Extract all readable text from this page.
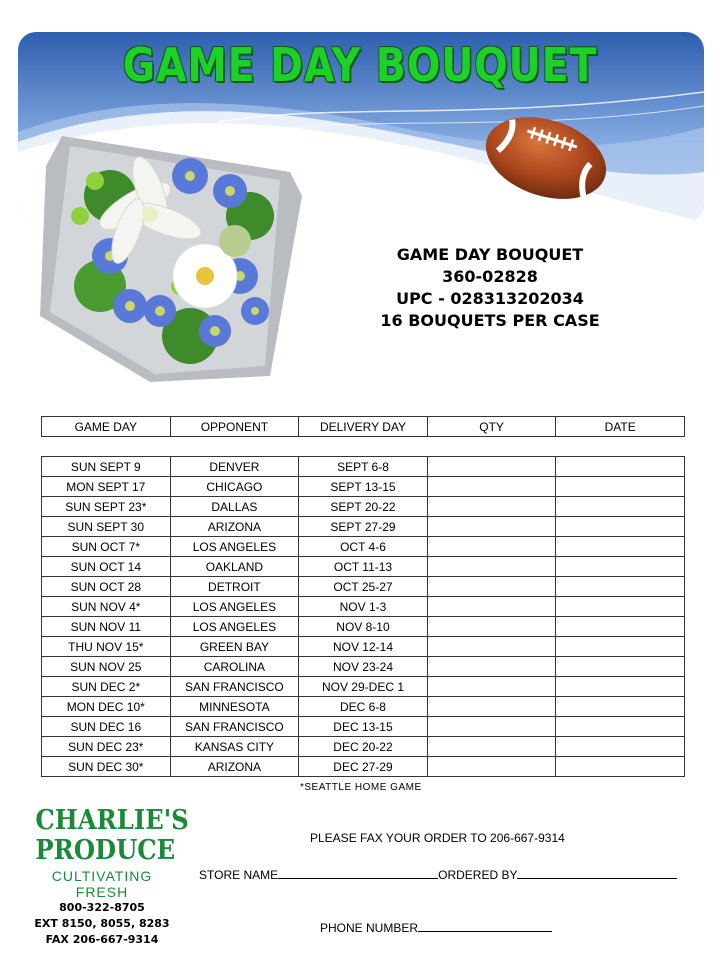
GAME DAY BOUQUET
GAME DAY BOUQUET
360-02828
UPC - 028313202034
16 BOUQUETS PER CASE
GAME DAY	OPPONENT	DELIVERY DAY	QTY	DATE
SUN SEPT 9	DENVER	SEPT 6-8		
MON SEPT 17	CHICAGO	SEPT 13-15		
SUN SEPT 23*	DALLAS	SEPT 20-22		
SUN SEPT 30	ARIZONA	SEPT 27-29		
SUN OCT 7*	LOS ANGELES	OCT 4-6		
SUN OCT 14	OAKLAND	OCT 11-13		
SUN OCT 28	DETROIT	OCT 25-27		
SUN NOV 4*	LOS ANGELES	NOV 1-3		
SUN NOV 11	LOS ANGELES	NOV 8-10		
THU NOV 15*	GREEN BAY	NOV 12-14		
SUN NOV 25	CAROLINA	NOV 23-24		
SUN DEC 2*	SAN FRANCISCO	NOV 29-DEC 1		
MON DEC 10*	MINNESOTA	DEC 6-8		
SUN DEC 16	SAN FRANCISCO	DEC 13-15		
SUN DEC 23*	KANSAS CITY	DEC 20-22		
SUN DEC 30*	ARIZONA	DEC 27-29		
*SEATTLE HOME GAME
CHARLIE'S
PRODUCE
CULTIVATING FRESH
800-322-8705
EXT 8150, 8055, 8283
FAX 206-667-9314
PLEASE FAX YOUR ORDER TO 206-667-9314
STORE NAME	ORDERED BY
PHONE NUMBER
